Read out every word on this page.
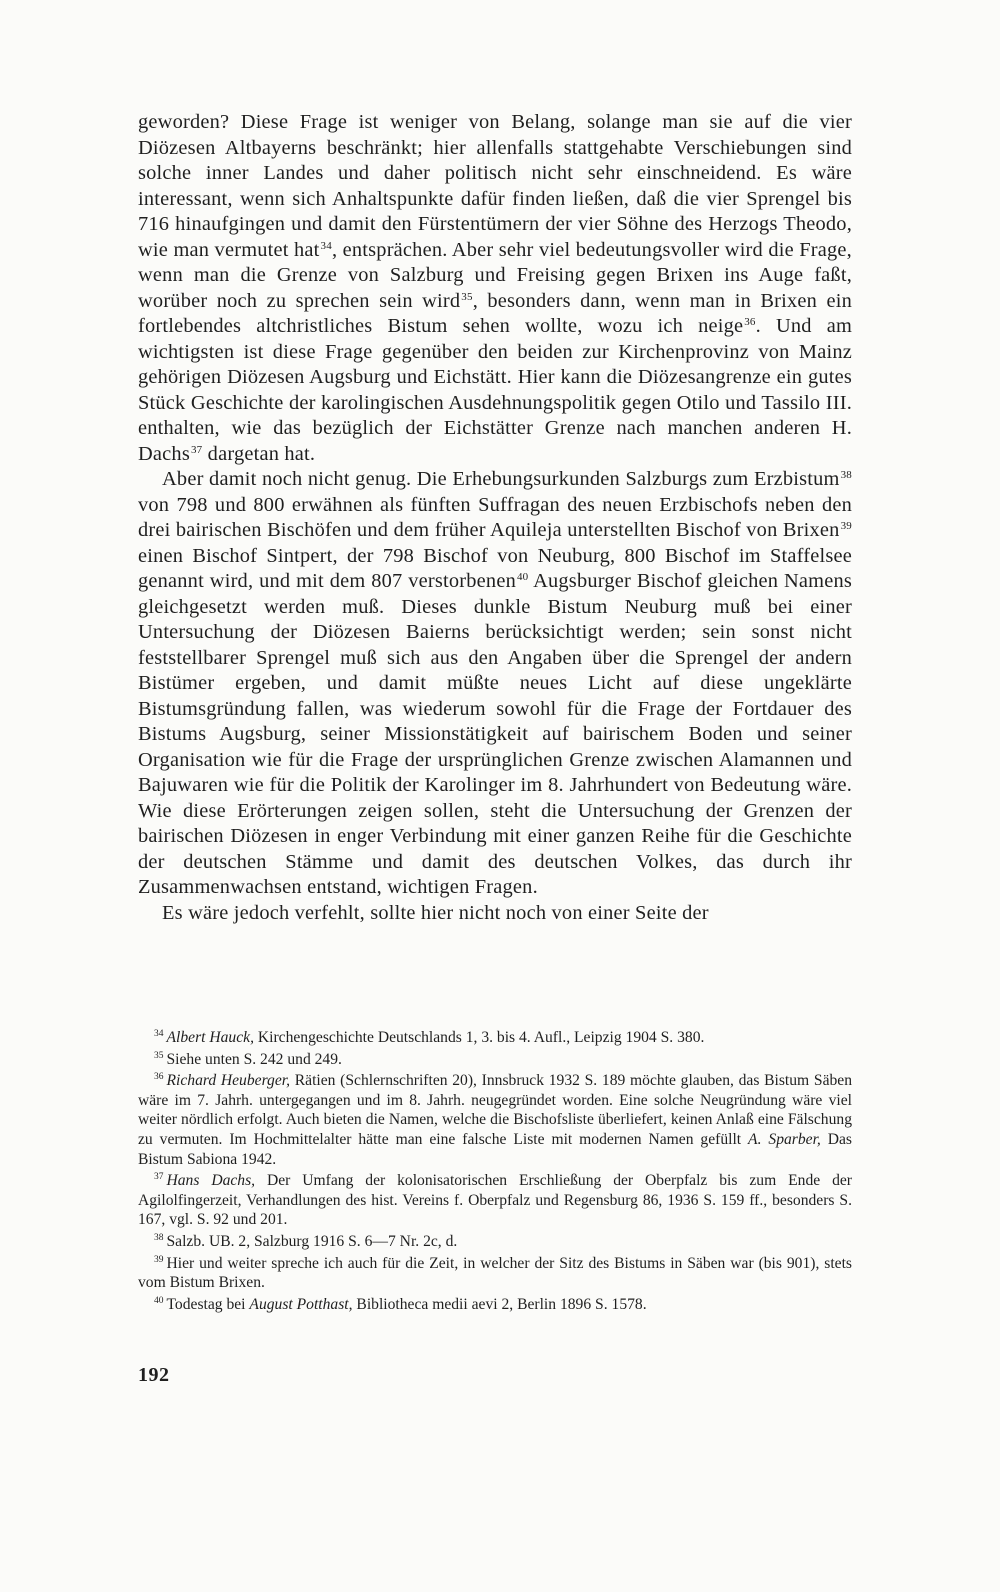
geworden? Diese Frage ist weniger von Belang, solange man sie auf die vier Diözesen Altbayerns beschränkt; hier allenfalls stattgehabte Verschiebungen sind solche inner Landes und daher politisch nicht sehr einschneidend. Es wäre interessant, wenn sich Anhaltspunkte dafür finden ließen, daß die vier Sprengel bis 716 hinaufgingen und damit den Fürstentümern der vier Söhne des Herzogs Theodo, wie man vermutet hat$^{34}$, entsprächen. Aber sehr viel bedeutungsvoller wird die Frage, wenn man die Grenze von Salzburg und Freising gegen Brixen ins Auge faßt, worüber noch zu sprechen sein wird$^{35}$, besonders dann, wenn man in Brixen ein fortlebendes altchristliches Bistum sehen wollte, wozu ich neige$^{36}$. Und am wichtigsten ist diese Frage gegenüber den beiden zur Kirchenprovinz von Mainz gehörigen Diözesen Augsburg und Eichstätt. Hier kann die Diözesangrenze ein gutes Stück Geschichte der karolingischen Ausdehnungspolitik gegen Otilo und Tassilo III. enthalten, wie das bezüglich der Eichstätter Grenze nach manchen anderen H. Dachs$^{37}$ dargetan hat.

Aber damit noch nicht genug. Die Erhebungsurkunden Salzburgs zum Erzbistum$^{38}$ von 798 und 800 erwähnen als fünften Suffragan des neuen Erzbischofs neben den drei bairischen Bischöfen und dem früher Aquileja unterstellten Bischof von Brixen$^{39}$ einen Bischof Sintpert, der 798 Bischof von Neuburg, 800 Bischof im Staffelsee genannt wird, und mit dem 807 verstorbenen$^{40}$ Augsburger Bischof gleichen Namens gleichgesetzt werden muß. Dieses dunkle Bistum Neuburg muß bei einer Untersuchung der Diözesen Baierns berücksichtigt werden; sein sonst nicht feststellbarer Sprengel muß sich aus den Angaben über die Sprengel der andern Bistümer ergeben, und damit müßte neues Licht auf diese ungeklärte Bistumsgründung fallen, was wiederum sowohl für die Frage der Fortdauer des Bistums Augsburg, seiner Missionstätigkeit auf bairischem Boden und seiner Organisation wie für die Frage der ursprünglichen Grenze zwischen Alamannen und Bajuwaren wie für die Politik der Karolinger im 8. Jahrhundert von Bedeutung wäre. Wie diese Erörterungen zeigen sollen, steht die Untersuchung der Grenzen der bairischen Diözesen in enger Verbindung mit einer ganzen Reihe für die Geschichte der deutschen Stämme und damit des deutschen Volkes, das durch ihr Zusammenwachsen entstand, wichtigen Fragen.

Es wäre jedoch verfehlt, sollte hier nicht noch von einer Seite der

$^{34}$ Albert Hauck, Kirchengeschichte Deutschlands 1, 3. bis 4. Aufl., Leipzig 1904 S. 380.
$^{35}$ Siehe unten S. 242 und 249.
$^{36}$ Richard Heuberger, Rätien (Schlernschriften 20), Innsbruck 1932 S. 189 möchte glauben, das Bistum Säben wäre im 7. Jahrh. untergegangen und im 8. Jahrh. neugegründet worden. Eine solche Neugründung wäre viel weiter nördlich erfolgt. Auch bieten die Namen, welche die Bischofsliste überliefert, keinen Anlaß eine Fälschung zu vermuten. Im Hochmittelalter hätte man eine falsche Liste mit modernen Namen gefüllt A. Sparber, Das Bistum Sabiona 1942.
$^{37}$ Hans Dachs, Der Umfang der kolonisatorischen Erschließung der Oberpfalz bis zum Ende der Agilolfingerzeit, Verhandlungen des hist. Vereins f. Oberpfalz und Regensburg 86, 1936 S. 159 ff., besonders S. 167, vgl. S. 92 und 201.
$^{38}$ Salzb. UB. 2, Salzburg 1916 S. 6—7 Nr. 2c, d.
$^{39}$ Hier und weiter spreche ich auch für die Zeit, in welcher der Sitz des Bistums in Säben war (bis 901), stets vom Bistum Brixen.
$^{40}$ Todestag bei August Potthast, Bibliotheca medii aevi 2, Berlin 1896 S. 1578.
192
